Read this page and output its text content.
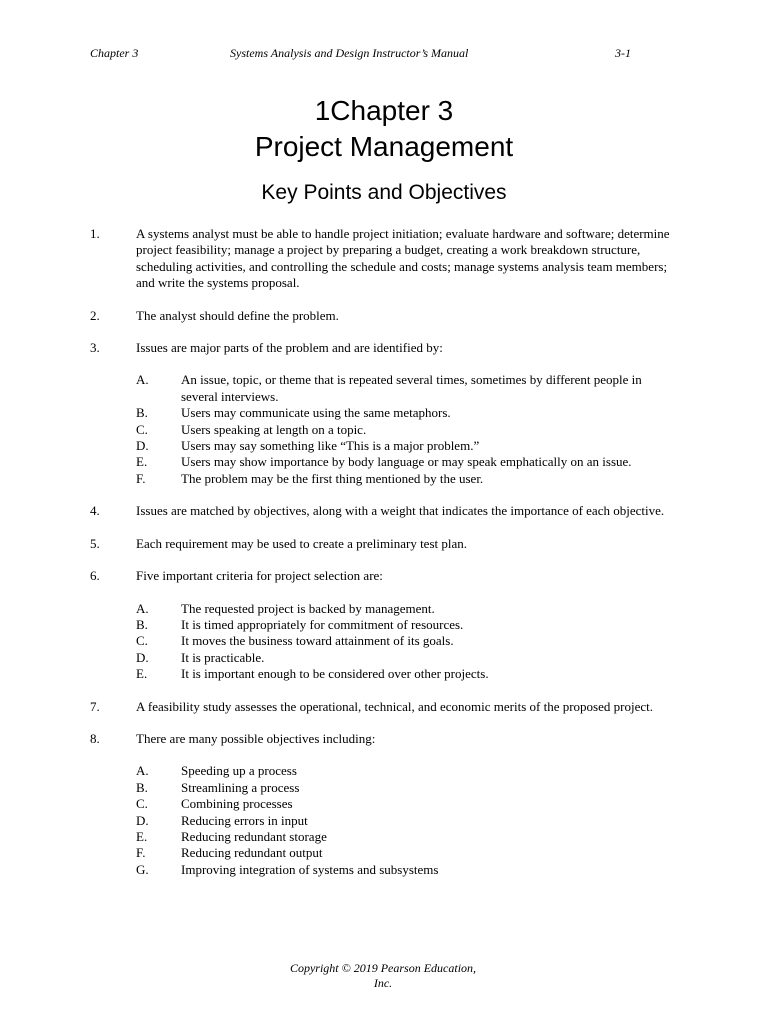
Chapter 3	Systems Analysis and Design Instructor’s Manual	3-1
1Chapter 3
Project Management
Key Points and Objectives
1.	A systems analyst must be able to handle project initiation; evaluate hardware and software; determine project feasibility; manage a project by preparing a budget, creating a work breakdown structure, scheduling activities, and controlling the schedule and costs; manage systems analysis team members; and write the systems proposal.
2.	The analyst should define the problem.
3.	Issues are major parts of the problem and are identified by:
A. An issue, topic, or theme that is repeated several times, sometimes by different people in several interviews.
B.	Users may communicate using the same metaphors.
C.	Users speaking at length on a topic.
D. Users may say something like “This is a major problem.”
E.	Users may show importance by body language or may speak emphatically on an issue.
F.	The problem may be the first thing mentioned by the user.
4.	Issues are matched by objectives, along with a weight that indicates the importance of each objective.
5.	Each requirement may be used to create a preliminary test plan.
6.	Five important criteria for project selection are:
A. The requested project is backed by management.
B.	It is timed appropriately for commitment of resources.
C.	It moves the business toward attainment of its goals.
D. It is practicable.
E.	It is important enough to be considered over other projects.
7.	A feasibility study assesses the operational, technical, and economic merits of the proposed project.
8.	There are many possible objectives including:
A. Speeding up a process
B.	Streamlining a process
C.	Combining processes
D. Reducing errors in input
E.	Reducing redundant storage
F.	Reducing redundant output
G. Improving integration of systems and subsystems
Copyright © 2019 Pearson Education,
Inc.
